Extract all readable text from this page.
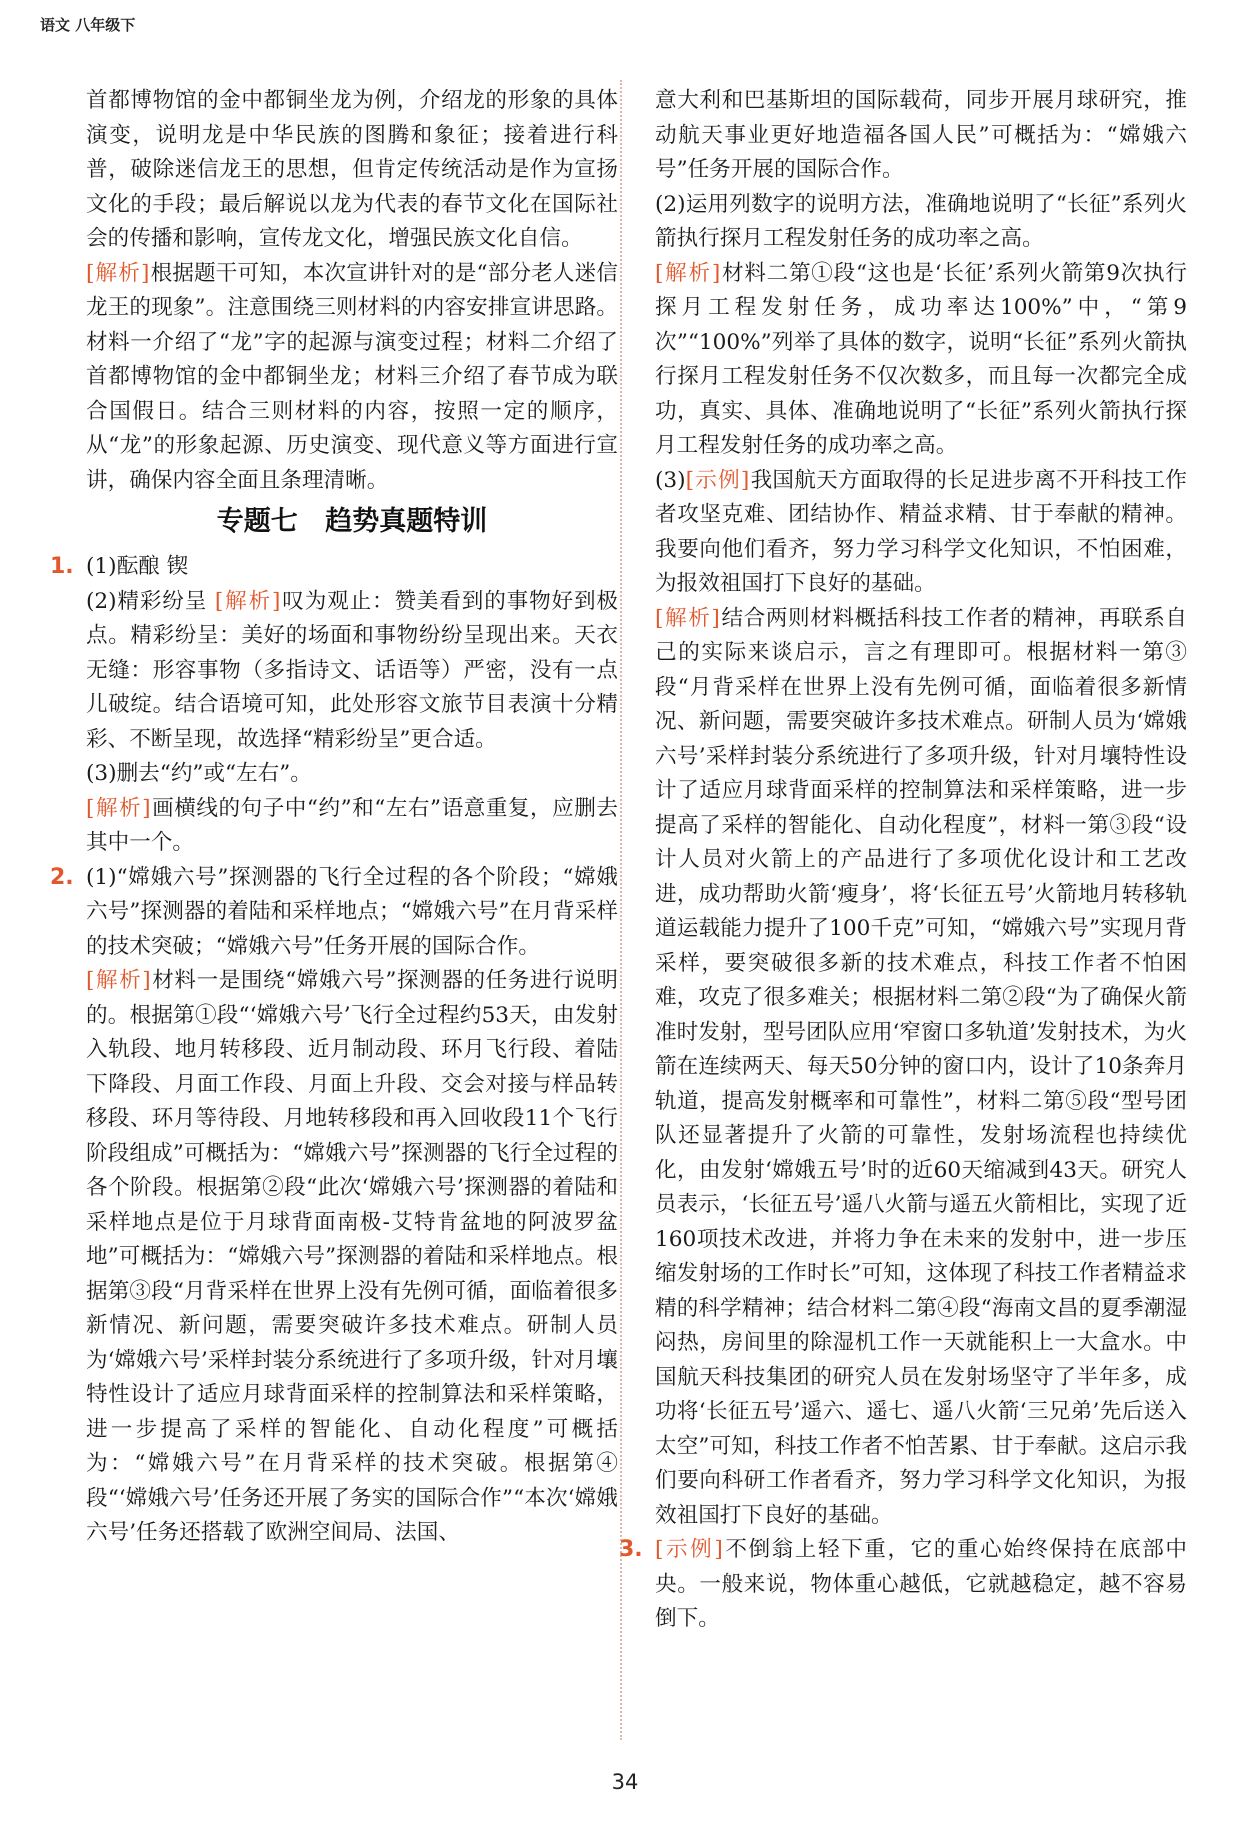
语文 八年级下

首都博物馆的金中都铜坐龙为例，介绍龙的形象的具体演变，说明龙是中华民族的图腾和象征；接着进行科普，破除迷信龙王的思想，但肯定传统活动是作为宣扬文化的手段；最后解说以龙为代表的春节文化在国际社会的传播和影响，宣传龙文化，增强民族文化自信。

[解析]根据题干可知，本次宣讲针对的是“部分老人迷信龙王的现象”。注意围绕三则材料的内容安排宣讲思路。材料一介绍了“龙”字的起源与演变过程；材料二介绍了首都博物馆的金中都铜坐龙；材料三介绍了春节成为联合国假日。结合三则材料的内容，按照一定的顺序，从“龙”的形象起源、历史演变、现代意义等方面进行宣讲，确保内容全面且条理清晰。

专题七 趋势真题特训
1. (1)酝酿 锲

(2)精彩纷呈 [解析]叹为观止：赞美看到的事物好到极点。精彩纷呈：美好的场面和事物纷纷呈现出来。天衣无缝：形容事物（多指诗文、话语等）严密，没有一点儿破绽。结合语境可知，此处形容文旅节目表演十分精彩、不断呈现，故选择“精彩纷呈”更合适。

(3)删去“约”或“左右”。

[解析]画横线的句子中“约”和“左右”语意重复，应删去其中一个。

2. (1)“嫦娥六号”探测器的飞行全过程的各个阶段；“嫦娥六号”探测器的着陆和采样地点；“嫦娥六号”在月背采样的技术突破；“嫦娥六号”任务开展的国际合作。

[解析]材料一是围绕“嫦娥六号”探测器的任务进行说明的。根据第①段“‘嫦娥六号’飞行全过程约53天，由发射入轨段、地月转移段、近月制动段、环月飞行段、着陆下降段、月面工作段、月面上升段、交会对接与样品转移段、环月等待段、月地转移段和再入回收段11个飞行阶段组成”可概括为：“嫦娥六号”探测器的飞行全过程的各个阶段。根据第②段“此次‘嫦娥六号’探测器的着陆和采样地点是位于月球背面南极-艾特肯盆地的阿波罗盆地”可概括为：“嫦娥六号”探测器的着陆和采样地点。根据第③段“月背采样在世界上没有先例可循，面临着很多新情况、新问题，需要突破许多技术难点。研制人员为‘嫦娥六号’采样封装分系统进行了多项升级，针对月壤特性设计了适应月球背面采样的控制算法和采样策略，进一步提高了采样的智能化、自动化程度”可概括为：“嫦娥六号”在月背采样的技术突破。根据第④段“‘嫦娥六号’任务还开展了务实的国际合作”“本次‘嫦娥六号’任务还搭载了欧洲空间局、法国、

意大利和巴基斯坦的国际载荷，同步开展月球研究，推动航天事业更好地造福各国人民”可概括为：“嫦娥六号”任务开展的国际合作。

(2)运用列数字的说明方法，准确地说明了“长征”系列火箭执行探月工程发射任务的成功率之高。

[解析]材料二第①段“这也是‘长征’系列火箭第9次执行探月工程发射任务，成功率达100%”中，“第9次”“100%”列举了具体的数字，说明“长征”系列火箭执行探月工程发射任务不仅次数多，而且每一次都完全成功，真实、具体、准确地说明了“长征”系列火箭执行探月工程发射任务的成功率之高。

(3)[示例]我国航天方面取得的长足进步离不开科技工作者攻坚克难、团结协作、精益求精、甘于奉献的精神。我要向他们看齐，努力学习科学文化知识，不怕困难，为报效祖国打下良好的基础。

[解析]结合两则材料概括科技工作者的精神，再联系自己的实际来谈启示，言之有理即可。根据材料一第③段“月背采样在世界上没有先例可循，面临着很多新情况、新问题，需要突破许多技术难点。研制人员为‘嫦娥六号’采样封装分系统进行了多项升级，针对月壤特性设计了适应月球背面采样的控制算法和采样策略，进一步提高了采样的智能化、自动化程度”，材料一第③段“设计人员对火箭上的产品进行了多项优化设计和工艺改进，成功帮助火箭‘瘦身’，将‘长征五号’火箭地月转移轨道运载能力提升了100千克”可知，“嫦娥六号”实现月背采样，要突破很多新的技术难点，科技工作者不怕困难，攻克了很多难关；根据材料二第②段“为了确保火箭准时发射，型号团队应用‘窄窗口多轨道’发射技术，为火箭在连续两天、每天50分钟的窗口内，设计了10条奔月轨道，提高发射概率和可靠性”，材料二第⑤段“型号团队还显著提升了火箭的可靠性，发射场流程也持续优化，由发射‘嫦娥五号’时的近60天缩减到43天。研究人员表示，‘长征五号’遥八火箭与遥五火箭相比，实现了近160项技术改进，并将力争在未来的发射中，进一步压缩发射场的工作时长”可知，这体现了科技工作者精益求精的科学精神；结合材料二第④段“海南文昌的夏季潮湿闷热，房间里的除湿机工作一天就能积上一大盒水。中国航天科技集团的研究人员在发射场坚守了半年多，成功将‘长征五号’遥六、遥七、遥八火箭‘三兄弟’先后送入太空”可知，科技工作者不怕苦累、甘于奉献。这启示我们要向科研工作者看齐，努力学习科学文化知识，为报效祖国打下良好的基础。

3. [示例]不倒翁上轻下重，它的重心始终保持在底部中央。一般来说，物体重心越低，它就越稳定，越不容易倒下。

34
